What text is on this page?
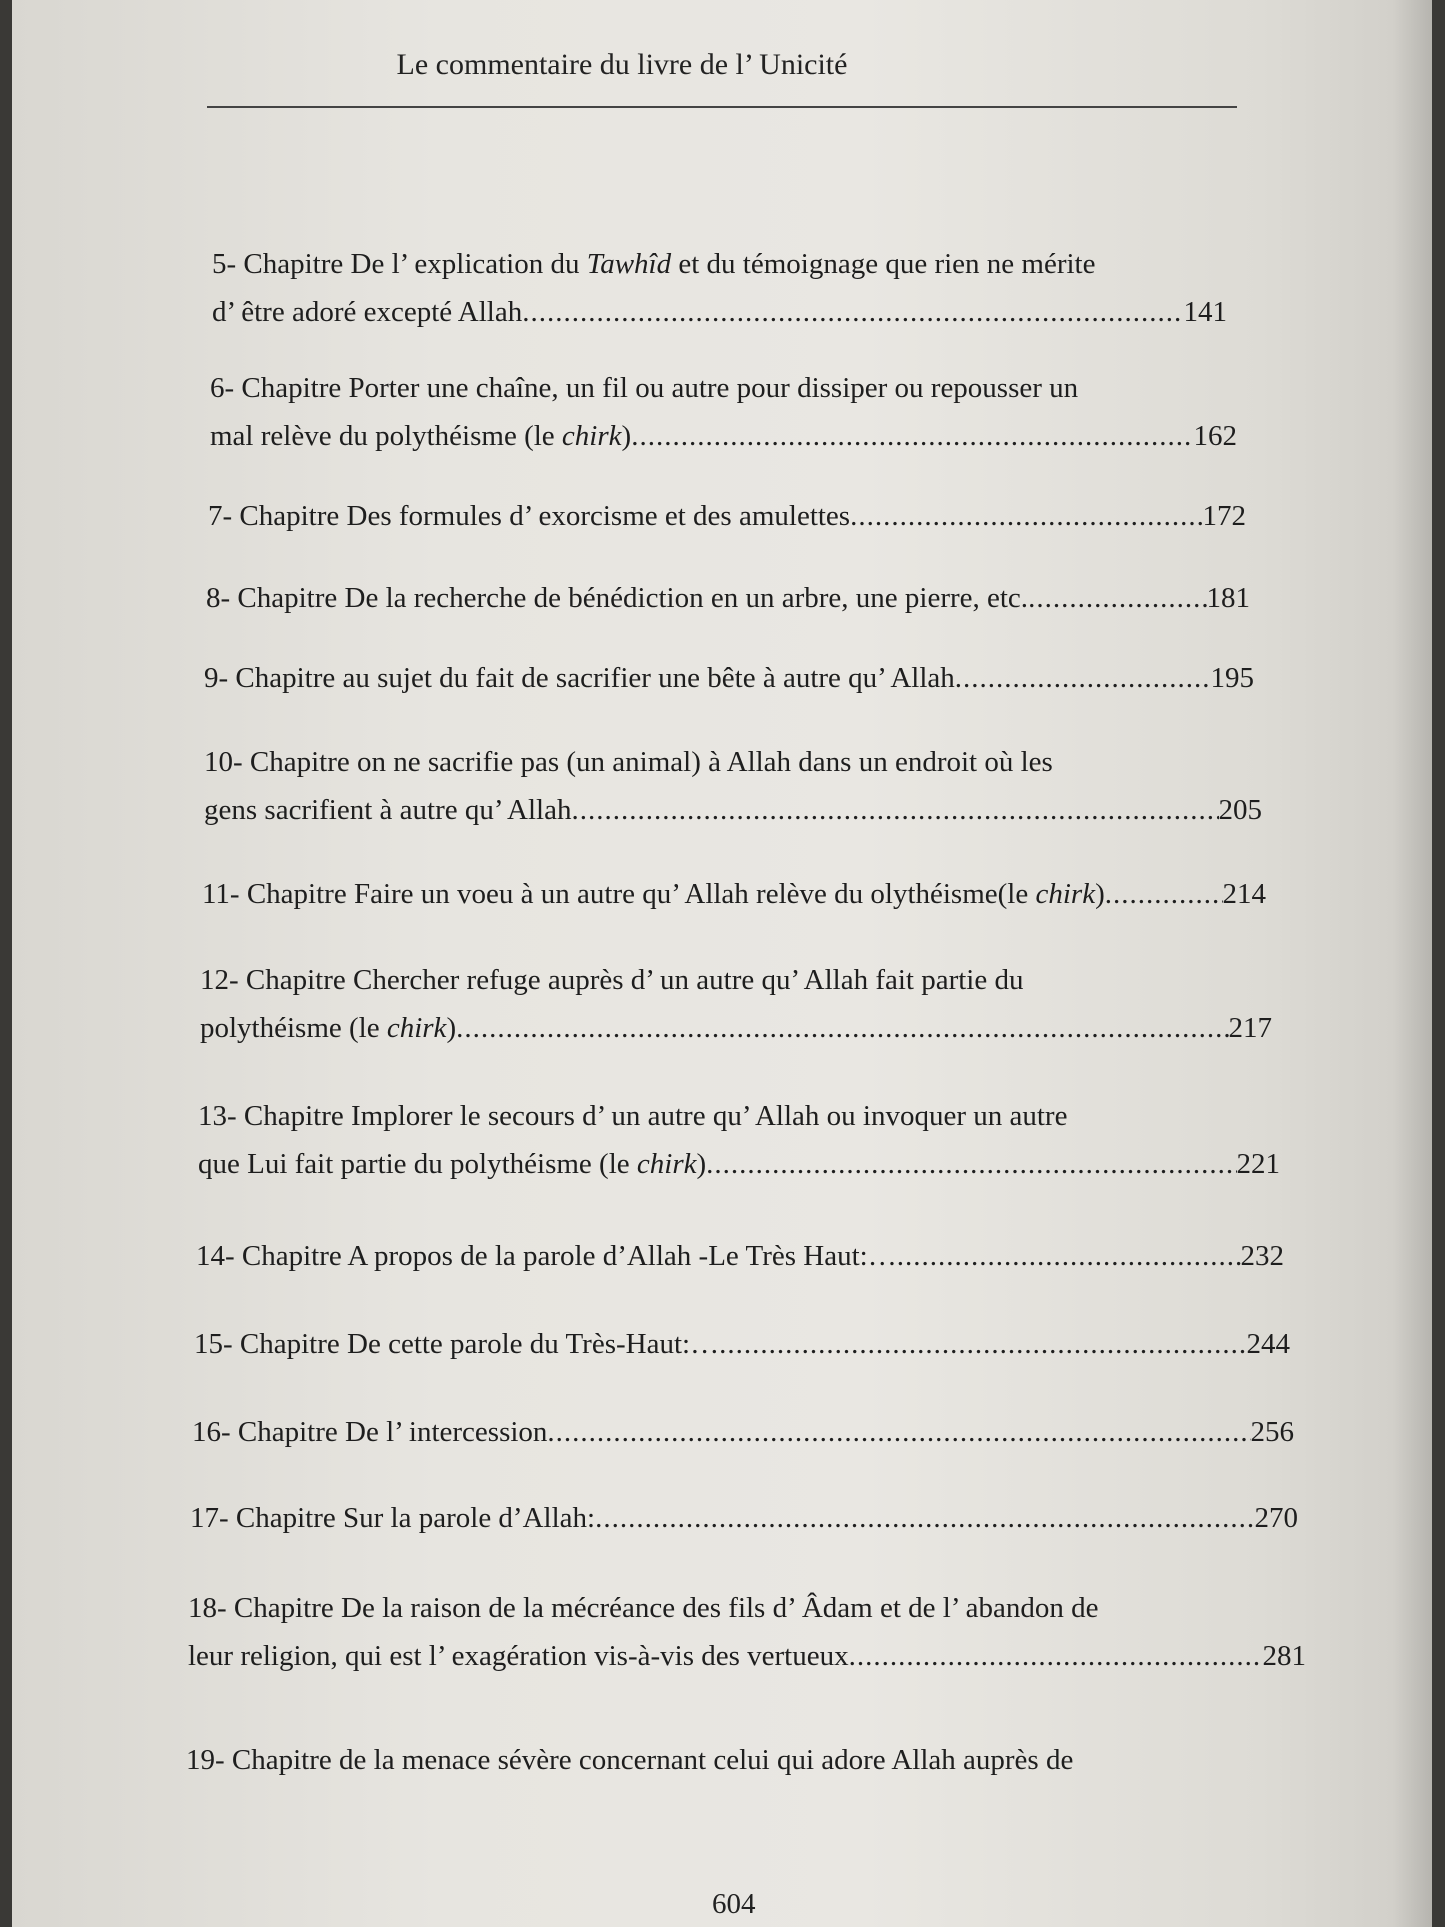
Le commentaire du livre de l’ Unicité
5- Chapitre De l’ explication du Tawhîd et du témoignage que rien ne mérite
d’ être adoré excepté Allah .....	141
6- Chapitre Porter une chaîne, un fil ou autre pour dissiper ou repousser un
mal relève du polythéisme (le chirk) .....	162
7- Chapitre Des formules d’ exorcisme et des amulettes .....	172
8- Chapitre De la recherche de bénédiction en un arbre, une pierre, etc. .....	181
9- Chapitre au sujet du fait de sacrifier une bête à autre qu’ Allah .....	195
10- Chapitre on ne sacrifie pas (un animal) à Allah dans un endroit où les
gens sacrifient à autre qu’ Allah .....	205
11- Chapitre Faire un voeu à un autre qu’ Allah relève du olythéisme(le chirk) .....	214
12- Chapitre Chercher refuge auprès d’ un autre qu’ Allah fait partie du
polythéisme (le chirk) .....	217
13- Chapitre Implorer le secours d’ un autre qu’ Allah ou invoquer un autre
que Lui fait partie du polythéisme (le chirk) .....	221
14- Chapitre A propos de la parole d’Allah -Le Très Haut:… .....	232
15- Chapitre De cette parole du Très-Haut:… .....	244
16- Chapitre De l’ intercession .....	256
17- Chapitre Sur la parole d’Allah: .....	270
18- Chapitre De la raison de la mécréance des fils d’ Âdam et de l’ abandon de
leur religion, qui est l’ exagération vis-à-vis des vertueux .....	281
19- Chapitre de la menace sévère concernant celui qui adore Allah auprès de
604
